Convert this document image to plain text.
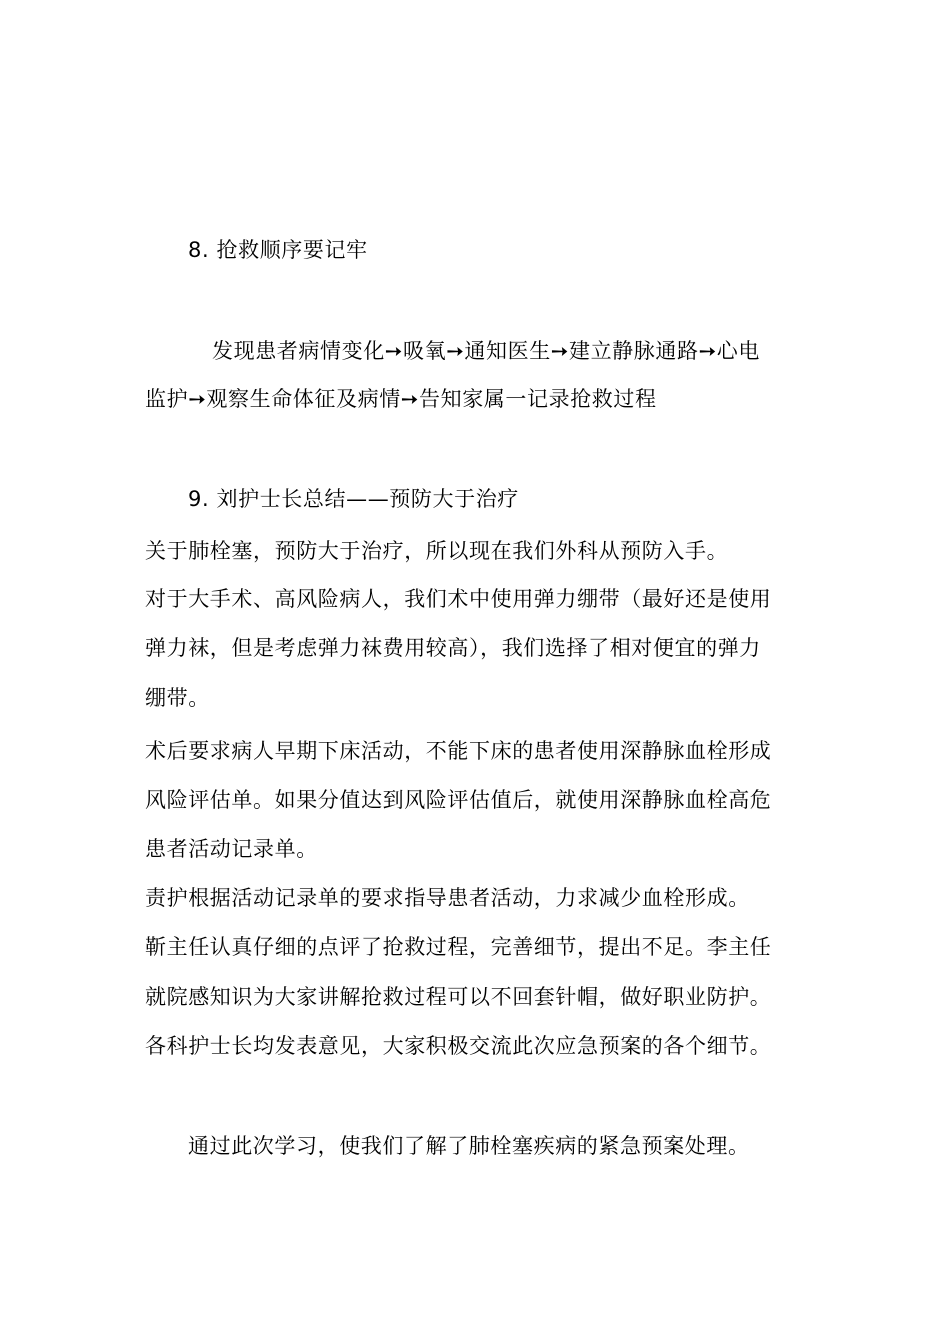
8. 抢救顺序要记牢
发现患者病情变化➙吸氧➙通知医生➙建立静脉通路➙心电
监护➙观察生命体征及病情➙告知家属一记录抢救过程
9. 刘护士长总结——预防大于治疗
关于肺栓塞，预防大于治疗，所以现在我们外科从预防入手。
对于大手术、高风险病人，我们术中使用弹力绷带（最好还是使用
弹力袜，但是考虑弹力袜费用较高），我们选择了相对便宜的弹力
绷带。
术后要求病人早期下床活动，不能下床的患者使用深静脉血栓形成
风险评估单。如果分值达到风险评估值后，就使用深静脉血栓高危
患者活动记录单。
责护根据活动记录单的要求指导患者活动，力求减少血栓形成。
靳主任认真仔细的点评了抢救过程，完善细节，提出不足。李主任
就院感知识为大家讲解抢救过程可以不回套针帽，做好职业防护。
各科护士长均发表意见，大家积极交流此次应急预案的各个细节。
通过此次学习，使我们了解了肺栓塞疾病的紧急预案处理。
